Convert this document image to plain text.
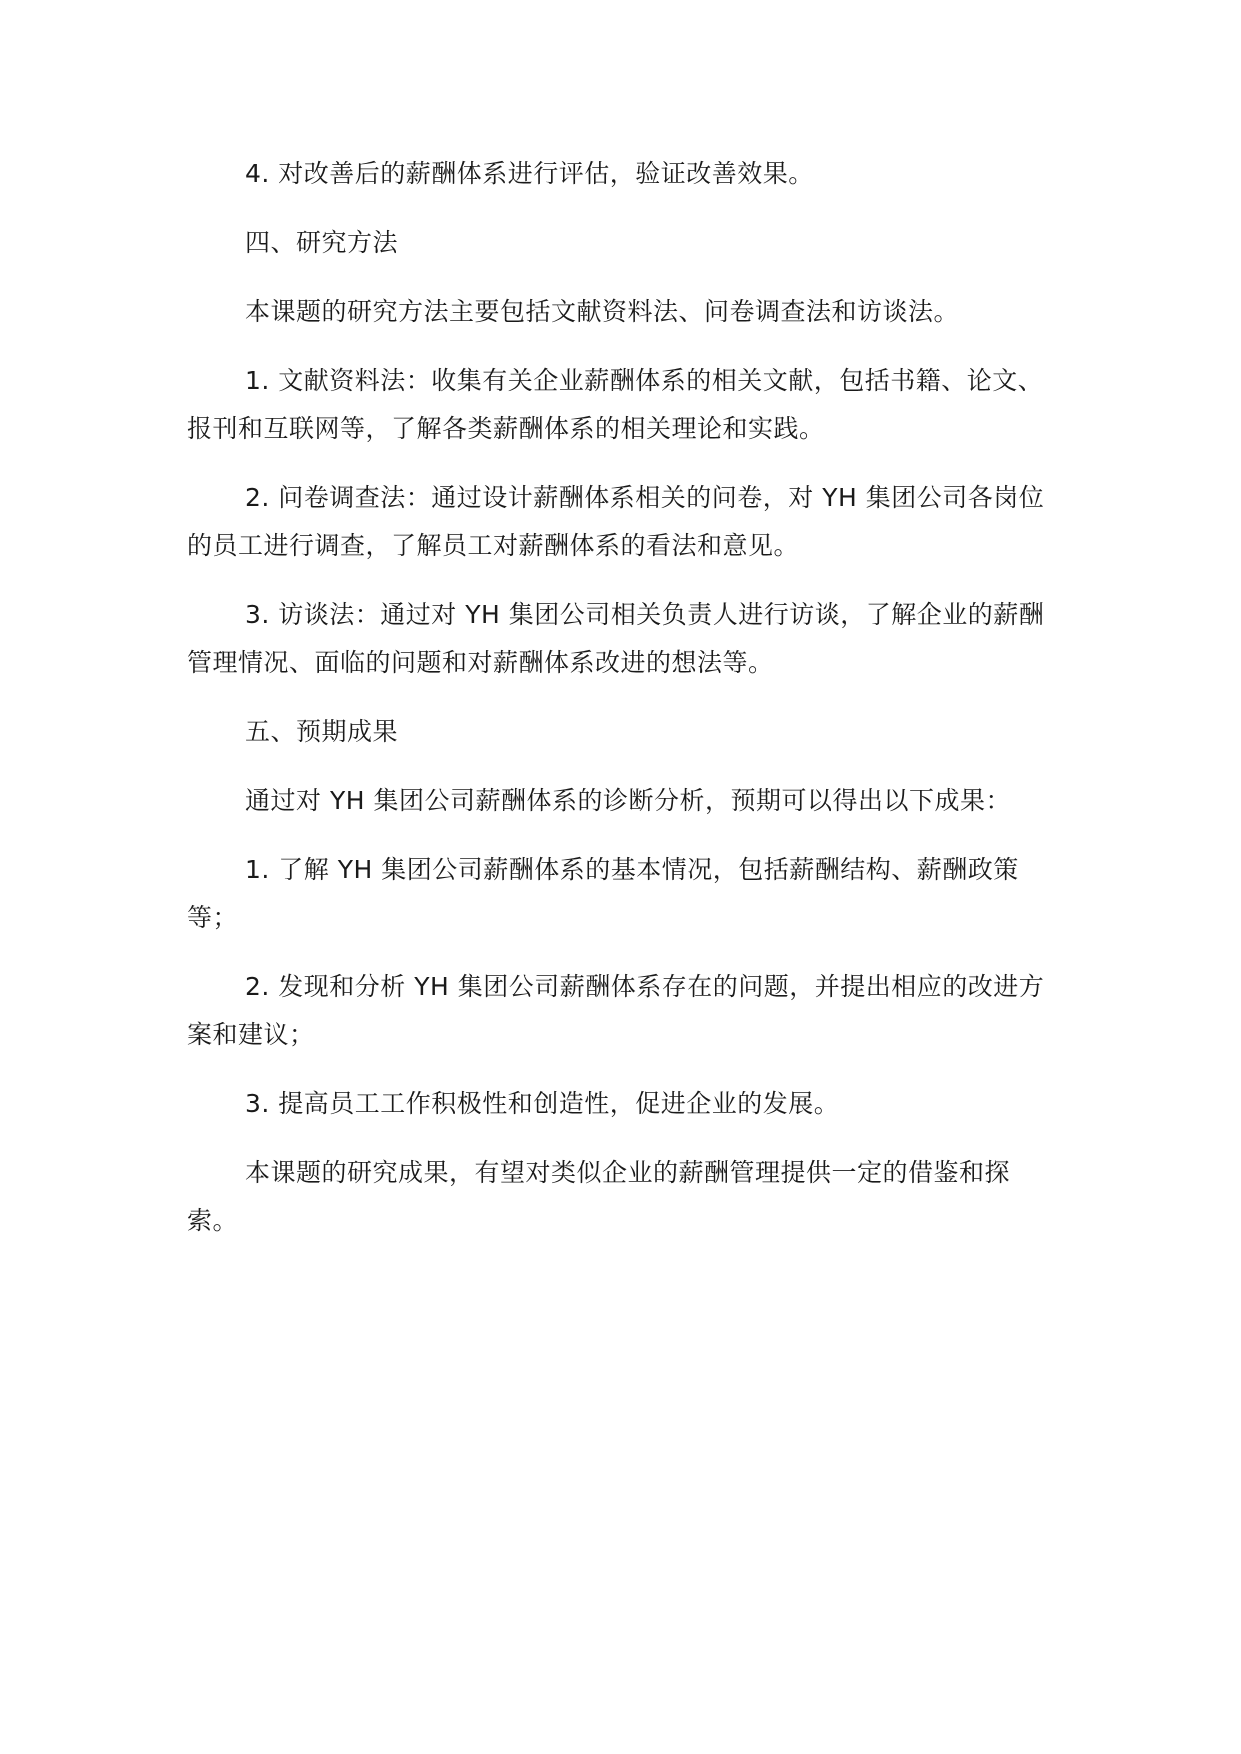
4. 对改善后的薪酬体系进行评估，验证改善效果。

四、研究方法

本课题的研究方法主要包括文献资料法、问卷调查法和访谈法。

1. 文献资料法：收集有关企业薪酬体系的相关文献，包括书籍、论文、报刊和互联网等，了解各类薪酬体系的相关理论和实践。

2. 问卷调查法：通过设计薪酬体系相关的问卷，对 YH 集团公司各岗位的员工进行调查，了解员工对薪酬体系的看法和意见。

3. 访谈法：通过对 YH 集团公司相关负责人进行访谈，了解企业的薪酬管理情况、面临的问题和对薪酬体系改进的想法等。

五、预期成果

通过对 YH 集团公司薪酬体系的诊断分析，预期可以得出以下成果：

1. 了解 YH 集团公司薪酬体系的基本情况，包括薪酬结构、薪酬政策等；

2. 发现和分析 YH 集团公司薪酬体系存在的问题，并提出相应的改进方案和建议；

3. 提高员工工作积极性和创造性，促进企业的发展。

本课题的研究成果，有望对类似企业的薪酬管理提供一定的借鉴和探索。
